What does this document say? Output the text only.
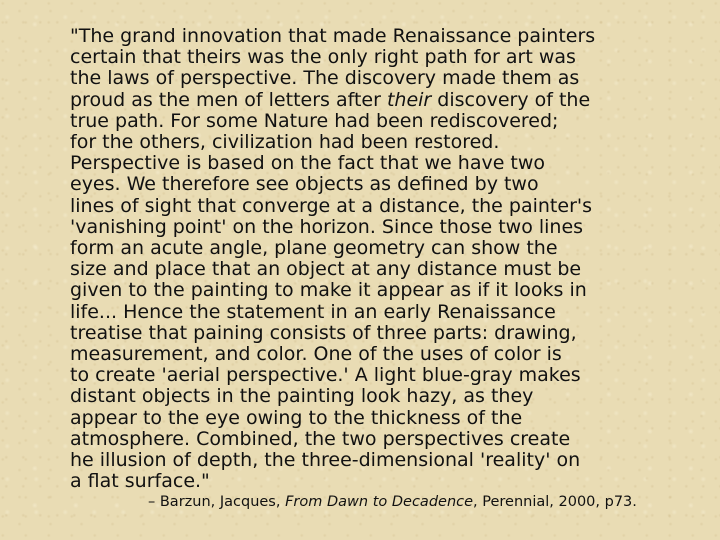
"The grand innovation that made Renaissance painters
certain that theirs was the only right path for art was
the laws of perspective. The discovery made them as
proud as the men of letters after their discovery of the
true path. For some Nature had been rediscovered;
for the others, civilization had been restored.
Perspective is based on the fact that we have two
eyes. We therefore see objects as defined by two
lines of sight that converge at a distance, the painter's
'vanishing point' on the horizon. Since those two lines
form an acute angle, plane geometry can show the
size and place that an object at any distance must be
given to the painting to make it appear as if it looks in
life... Hence the statement in an early Renaissance
treatise that paining consists of three parts: drawing,
measurement, and color. One of the uses of color is
to create 'aerial perspective.' A light blue-gray makes
distant objects in the painting look hazy, as they
appear to the eye owing to the thickness of the
atmosphere. Combined, the two perspectives create
he illusion of depth, the three-dimensional 'reality' on
a flat surface."

– Barzun, Jacques, From Dawn to Decadence, Perennial, 2000, p73.
